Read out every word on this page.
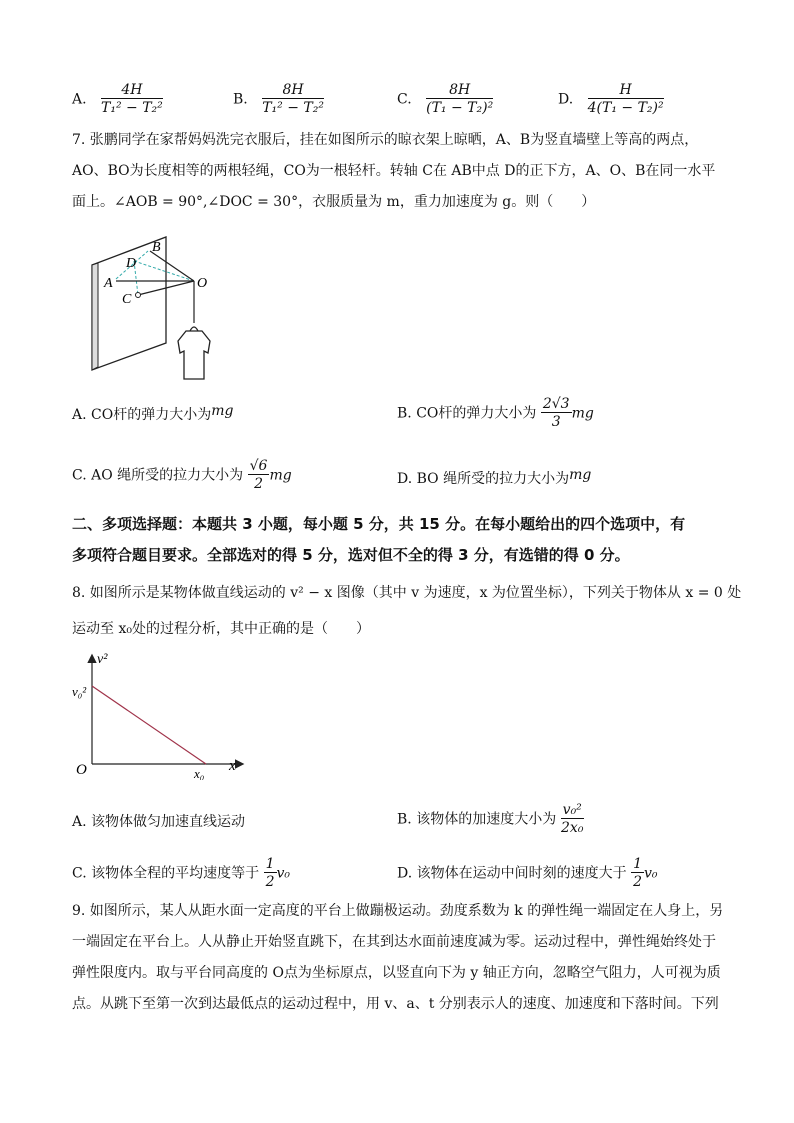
A. $\frac{4H}{\text{T₁² − T₂²}}$	B. $\frac{8H}{\text{T₁² − T₂²}}$	C. $\frac{8H}{\text{(T₁ − T₂)²}}$	D. $\frac{H}{\text{4(T₁ − T₂)²}}$
7. 张鹏同学在家帮妈妈洗完衣服后，挂在如图所示的晾衣架上晾晒，A、B为竖直墙壁上等高的两点，
AO、BO为长度相等的两根轻绳，CO为一根轻杆。转轴 C在 AB中点 D的正下方，A、O、B在同一水平
面上。∠AOB = 90°,∠DOC = 30°，衣服质量为 m，重力加速度为 g。则（　　）
B
D
A
C
O
A. CO杆的弹力大小为mg	B. CO杆的弹力大小为 $\frac{2√3}{3}$ mg
C. AO 绳所受的拉力大小为 $\frac{√6}{2}$ mg	D. BO 绳所受的拉力大小为mg
二、多项选择题：本题共 3 小题，每小题 5 分，共 15 分。在每小题给出的四个选项中，有
多项符合题目要求。全部选对的得 5 分，选对但不全的得 3 分，有选错的得 0 分。
8. 如图所示是某物体做直线运动的 v² − x 图像（其中 v 为速度，x 为位置坐标），下列关于物体从 x = 0 处
运动至 x₀处的过程分析，其中正确的是（　　）
v²
x
O
v₀²
x₀
A. 该物体做匀加速直线运动	B. 该物体的加速度大小为 $\frac{\text{v₀²}}{\text{2x₀}}$
C. 该物体全程的平均速度等于 $\frac{1}{2} v_0$	D. 该物体在运动中间时刻的速度大于 $\frac{1}{2} v_0$
9. 如图所示，某人从距水面一定高度的平台上做蹦极运动。劲度系数为 k 的弹性绳一端固定在人身上，另
一端固定在平台上。人从静止开始竖直跳下，在其到达水面前速度减为零。运动过程中，弹性绳始终处于
弹性限度内。取与平台同高度的 O点为坐标原点，以竖直向下为 y 轴正方向，忽略空气阻力，人可视为质
点。从跳下至第一次到达最低点的运动过程中，用 v、a、t 分别表示人的速度、加速度和下落时间。下列
